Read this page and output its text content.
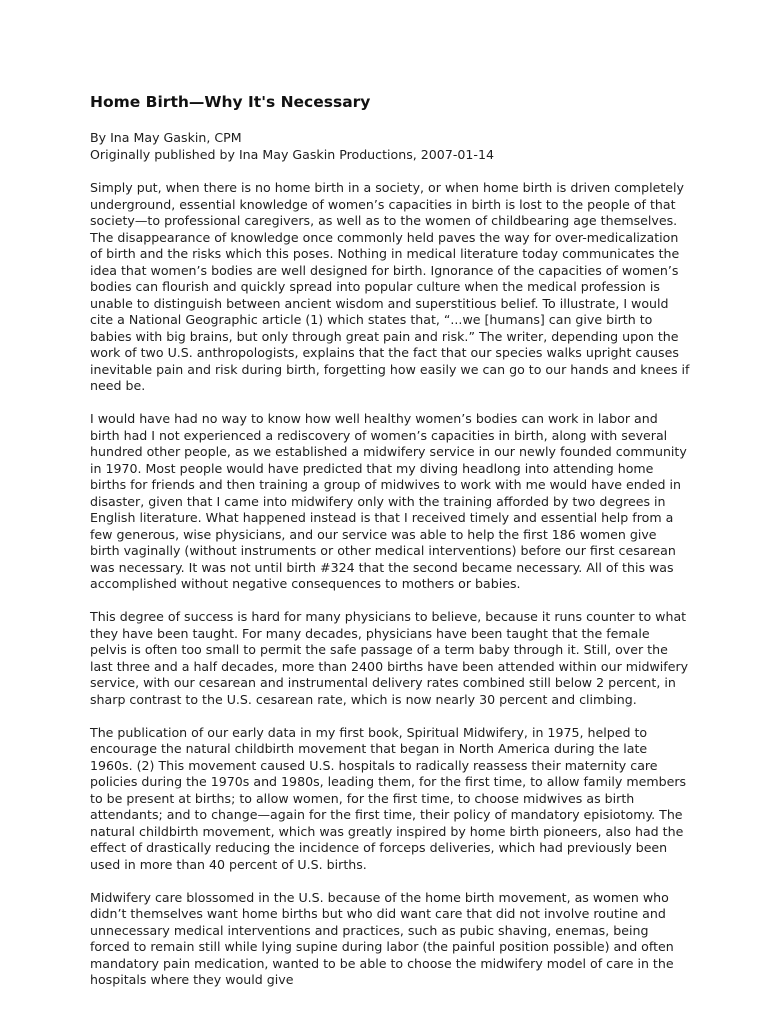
Home Birth—Why It's Necessary

By Ina May Gaskin, CPM

Originally published by Ina May Gaskin Productions, 2007-01-14

Simply put, when there is no home birth in a society, or when home birth is driven completely underground, essential knowledge of women’s capacities in birth is lost to the people of that society—to professional caregivers, as well as to the women of childbearing age themselves. The disappearance of knowledge once commonly held paves the way for over-medicalization of birth and the risks which this poses. Nothing in medical literature today communicates the idea that women’s bodies are well designed for birth. Ignorance of the capacities of women’s bodies can flourish and quickly spread into popular culture when the medical profession is unable to distinguish between ancient wisdom and superstitious belief. To illustrate, I would cite a National Geographic article (1) which states that, “...we [humans] can give birth to babies with big brains, but only through great pain and risk.” The writer, depending upon the work of two U.S. anthropologists, explains that the fact that our species walks upright causes inevitable pain and risk during birth, forgetting how easily we can go to our hands and knees if need be.

I would have had no way to know how well healthy women’s bodies can work in labor and birth had I not experienced a rediscovery of women’s capacities in birth, along with several hundred other people, as we established a midwifery service in our newly founded community in 1970. Most people would have predicted that my diving headlong into attending home births for friends and then training a group of midwives to work with me would have ended in disaster, given that I came into midwifery only with the training afforded by two degrees in English literature. What happened instead is that I received timely and essential help from a few generous, wise physicians, and our service was able to help the first 186 women give birth vaginally (without instruments or other medical interventions) before our first cesarean was necessary. It was not until birth #324 that the second became necessary. All of this was accomplished without negative consequences to mothers or babies.

This degree of success is hard for many physicians to believe, because it runs counter to what they have been taught. For many decades, physicians have been taught that the female pelvis is often too small to permit the safe passage of a term baby through it. Still, over the last three and a half decades, more than 2400 births have been attended within our midwifery service, with our cesarean and instrumental delivery rates combined still below 2 percent, in sharp contrast to the U.S. cesarean rate, which is now nearly 30 percent and climbing.

The publication of our early data in my first book, Spiritual Midwifery, in 1975, helped to encourage the natural childbirth movement that began in North America during the late 1960s. (2) This movement caused U.S. hospitals to radically reassess their maternity care policies during the 1970s and 1980s, leading them, for the first time, to allow family members to be present at births; to allow women, for the first time, to choose midwives as birth attendants; and to change—again for the first time, their policy of mandatory episiotomy. The natural childbirth movement, which was greatly inspired by home birth pioneers, also had the effect of drastically reducing the incidence of forceps deliveries, which had previously been used in more than 40 percent of U.S. births.

Midwifery care blossomed in the U.S. because of the home birth movement, as women who didn’t themselves want home births but who did want care that did not involve routine and unnecessary medical interventions and practices, such as pubic shaving, enemas, being forced to remain still while lying supine during labor (the painful position possible) and often mandatory pain medication, wanted to be able to choose the midwifery model of care in the hospitals where they would give
